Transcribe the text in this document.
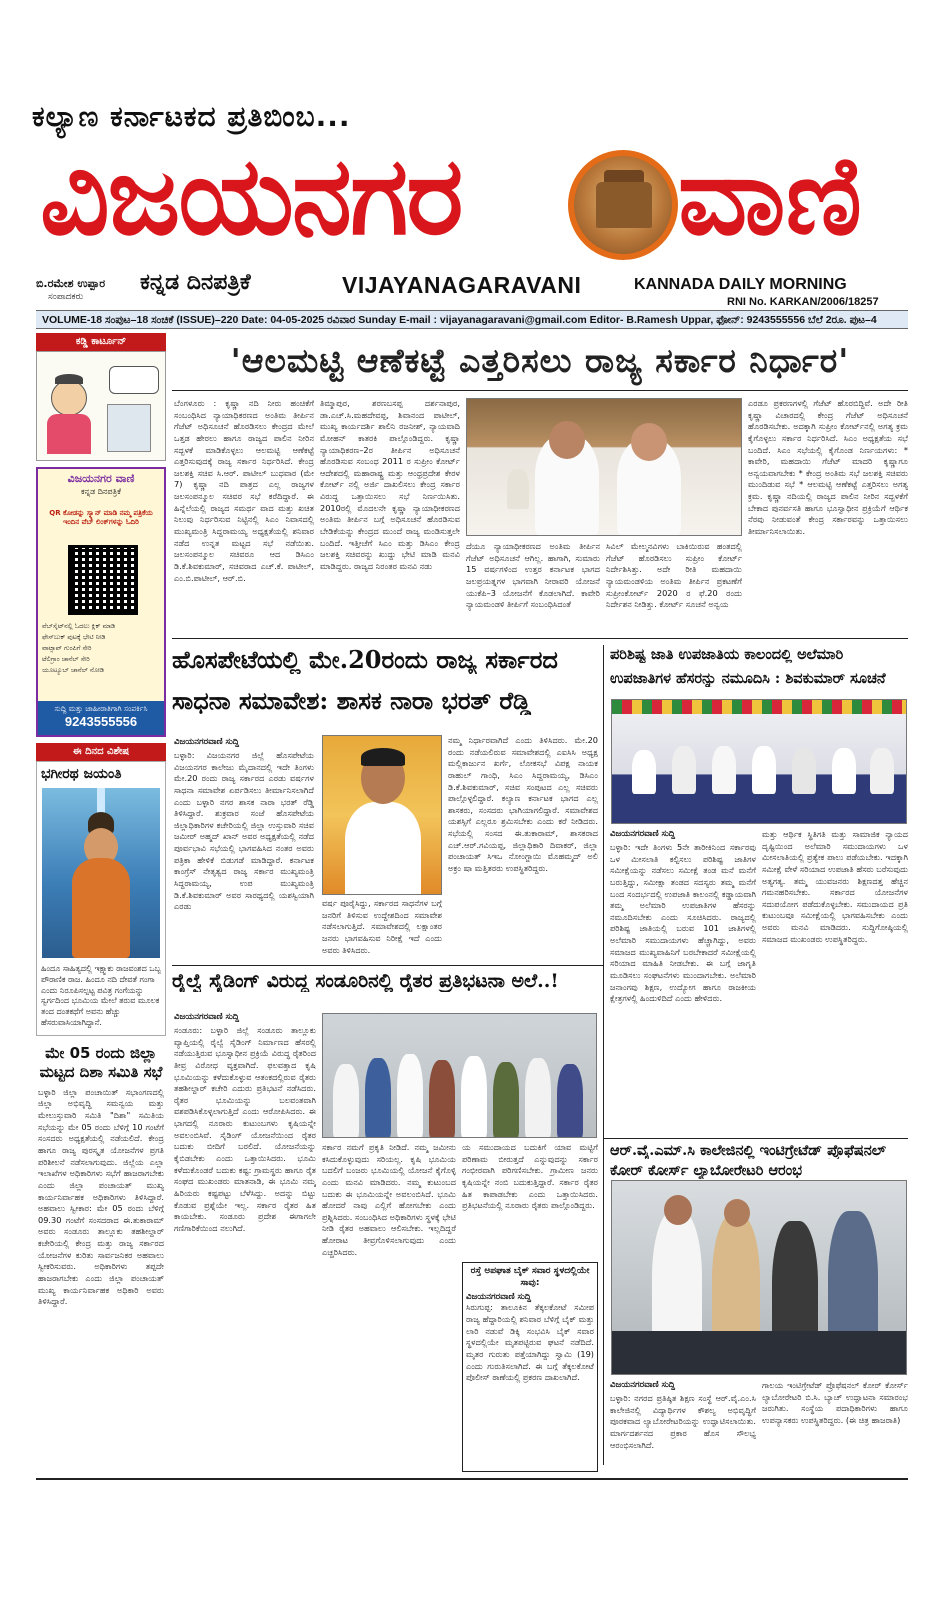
ಕಲ್ಯಾಣ ಕರ್ನಾಟಕದ ಪ್ರತಿಬಿಂಬ...
ವಿಜಯನಗರ ವಾಣಿ
ಬಿ.ರಮೇಶ ಉಪ್ಪಾರ
ಸಂಪಾದಕರು
ಕನ್ನಡ ದಿನಪತ್ರಿಕೆ	VIJAYANAGARAVANI	KANNADA DAILY MORNING
RNI No. KARKAN/2006/18257
VOLUME-18 ಸಂಪುಟ–18 ಸಂಚಿಕೆ (ISSUE)–220 Date: 04-05-2025 ರವಿವಾರ Sunday E-mail : vijayanagaravani@gmail.com Editor- B.Ramesh Uppar, ಫೋನ್: 9243555556 ಬೆಲೆ 2ರೂ. ಪುಟ–4
ಕಡ್ಡಿ ಕಾರ್ಟೂನ್
ವಿಜಯನಗರ ವಾಣಿ
ಕನ್ನಡ ದಿನಪತ್ರಿಕೆ
QR ಕೋಡನ್ನು ಸ್ಕ್ಯಾನ್ ಮಾಡಿ ನಮ್ಮ ಪತ್ರಿಕೆಯ ಇಂದಿನ ವೆಬ್ ಲಿಂಕ್‌ಗಳನ್ನು ಓದಿರಿ
ವೆಬ್‌ಸೈಟ್‌ನಲ್ಲಿ ಓದಲು ಕ್ಲಿಕ್ ಮಾಡಿ
ಫೇಸ್‌ಬುಕ್ ಪುಟಕ್ಕೆ ಭೇಟಿ ನೀಡಿ
ವಾಟ್ಸಾಪ್ ಗುಂಪಿಗೆ ಸೇರಿ
ಟೆಲಿಗ್ರಾಂ ಚಾನೆಲ್ ಸೇರಿ
ಯೂಟ್ಯೂಬ್ ಚಾನೆಲ್ ನೋಡಿ
ಸುದ್ದಿ ಮತ್ತು ಜಾಹೀರಾತಿಗಾಗಿ ಸಂಪರ್ಕಿಸಿ
9243555556
ಈ ದಿನದ ವಿಶೇಷ
ಭಗೀರಥ ಜಯಂತಿ
ಹಿಂದೂ ಸಾಹಿತ್ಯದಲ್ಲಿ ಇಕ್ಷ್ವಾಕು ರಾಜವಂಶದ ಒಬ್ಬ ಪೌರಾಣಿಕ ರಾಜ. ಹಿಂದೂ ನದಿ ದೇವತೆ ಗಂಗಾ ಎಂದು ನಿರೂಪಿಸಲ್ಪಟ್ಟ ಪವಿತ್ರ ಗಂಗೆಯನ್ನು ಸ್ವರ್ಗದಿಂದ ಭೂಮಿಯ ಮೇಲೆ ತರುವ ಮೂಲಕ ತಂದ ದಂತಕಥೆಗೆ ಅವನು ಹೆಚ್ಚು ಹೆಸರುವಾಸಿಯಾಗಿದ್ದಾನೆ.
ಮೇ 05 ರಂದು ಜಿಲ್ಲಾ ಮಟ್ಟದ ದಿಶಾ ಸಮಿತಿ ಸಭೆ
ಬಳ್ಳಾರಿ ಜಿಲ್ಲಾ ಪಂಚಾಯಿತ್ ಸಭಾಂಗಣದಲ್ಲಿ ಜಿಲ್ಲಾ ಅಭಿವೃದ್ಧಿ ಸಮನ್ವಯ ಮತ್ತು ಮೇಲುಸ್ತುವಾರಿ ಸಮಿತಿ "ದಿಶಾ" ಸಮಿತಿಯ ಸಭೆಯನ್ನು ಮೇ 05 ರಂದು ಬೆಳಿಗ್ಗೆ 10 ಗಂಟೆಗೆ ಸಂಸದರು ಅಧ್ಯಕ್ಷತೆಯಲ್ಲಿ ನಡೆಯಲಿದೆ. ಕೇಂದ್ರ ಹಾಗೂ ರಾಜ್ಯ ಪುರಸ್ಕೃತ ಯೋಜನೆಗಳ ಪ್ರಗತಿ ಪರಿಶೀಲನೆ ನಡೆಸಲಾಗುವುದು. ಜಿಲ್ಲೆಯ ಎಲ್ಲಾ ಇಲಾಖೆಗಳ ಅಧಿಕಾರಿಗಳು ಸಭೆಗೆ ಹಾಜರಾಗಬೇಕು ಎಂದು ಜಿಲ್ಲಾ ಪಂಚಾಯತ್ ಮುಖ್ಯ ಕಾರ್ಯನಿರ್ವಾಹಕ ಅಧಿಕಾರಿಗಳು ತಿಳಿಸಿದ್ದಾರೆ. ಅಹವಾಲು ಸ್ವೀಕಾರ: ಮೇ 05 ರಂದು ಬೆಳಿಗ್ಗೆ 09.30 ಗಂಟೆಗೆ ಸಂಸದರಾದ ಈ.ತುಕಾರಾಮ್ ಅವರು ಸಂಡೂರು ತಾಲ್ಲೂಕು ತಹಶೀಲ್ದಾರ್ ಕಚೇರಿಯಲ್ಲಿ ಕೇಂದ್ರ ಮತ್ತು ರಾಜ್ಯ ಸರ್ಕಾರದ ಯೋಜನೆಗಳ ಕುರಿತು ಸಾರ್ವಜನಿಕರ ಅಹವಾಲು ಸ್ವೀಕರಿಸುವರು. ಅಧಿಕಾರಿಗಳು ತಪ್ಪದೇ ಹಾಜರಾಗಬೇಕು ಎಂದು ಜಿಲ್ಲಾ ಪಂಚಾಯತ್ ಮುಖ್ಯ ಕಾರ್ಯನಿರ್ವಾಹಕ ಅಧಿಕಾರಿ ಅವರು ತಿಳಿಸಿದ್ದಾರೆ.
'ಆಲಮಟ್ಟಿ ಆಣೆಕಟ್ಟೆ ಎತ್ತರಿಸಲು ರಾಜ್ಯ ಸರ್ಕಾರ ನಿರ್ಧಾರ'
ಬೆಂಗಳೂರು : ಕೃಷ್ಣಾ ನದಿ ನೀರು ಹಂಚಿಕೆಗೆ ಸಂಬಂಧಿಸಿದ ನ್ಯಾಯಾಧಿಕರಣದ ಅಂತಿಮ ತೀರ್ಪಿನ ಗೆಜೆಟ್ ಅಧಿಸೂಚನೆ ಹೊರಡಿಸಲು ಕೇಂದ್ರದ ಮೇಲೆ ಒತ್ತಡ ಹೇರಲು ಹಾಗೂ ರಾಜ್ಯದ ಪಾಲಿನ ನೀರಿನ ಸದ್ಬಳಕೆ ಮಾಡಿಕೊಳ್ಳಲು ಆಲಮಟ್ಟಿ ಆಣೆಕಟ್ಟೆ ಎತ್ತರಿಸುವುದಕ್ಕೆ ರಾಜ್ಯ ಸರ್ಕಾರ ನಿರ್ಧರಿಸಿದೆ. ಕೇಂದ್ರ ಜಲಶಕ್ತಿ ಸಚಿವ ಸಿ.ಆರ್. ಪಾಟೀಲ್ ಬುಧವಾರ (ಮೇ 7) ಕೃಷ್ಣಾ ನದಿ ಪಾತ್ರದ ಎಲ್ಲ ರಾಜ್ಯಗಳ ಜಲಸಂಪನ್ಮೂಲ ಸಚಿವರ ಸಭೆ ಕರೆದಿದ್ದಾರೆ. ಈ ಹಿನ್ನೆಲೆಯಲ್ಲಿ ರಾಜ್ಯದ ಸಮರ್ಥ ವಾದ ಮತ್ತು ಖಚಿತ ನಿಲುವು ನಿರ್ಧರಿಸುವ ನಿಟ್ಟಿನಲ್ಲಿ ಸಿಎಂ ನಿವಾಸದಲ್ಲಿ ಮುಖ್ಯಮಂತ್ರಿ ಸಿದ್ದರಾಮಯ್ಯ ಅಧ್ಯಕ್ಷತೆಯಲ್ಲಿ ಶನಿವಾರ ನಡೆದ ಉನ್ನತ ಮಟ್ಟದ ಸಭೆ ನಡೆಯಿತು. ಜಲಸಂಪನ್ಮೂಲ ಸಚಿವರೂ ಆದ ಡಿಸಿಎಂ ಡಿ.ಕೆ.ಶಿವಕುಮಾರ್, ಸಚಿವರಾದ ಎಚ್.ಕೆ. ಪಾಟೀಲ್, ಎಂ.ಬಿ.ಪಾಟೀಲ್, ಆರ್.ಬಿ.
ತಿಮ್ಮಾಪುರ, ಶರಣಬಸಪ್ಪ ದರ್ಶನಾಪುರ, ಡಾ.ಎಚ್.ಸಿ.ಮಹದೇವಪ್ಪ, ಶಿವಾನಂದ ಪಾಟೀಲ್, ಮುಖ್ಯ ಕಾರ್ಯದರ್ಶಿ ಶಾಲಿನಿ ರಜನೀಶ್, ನ್ಯಾಯವಾದಿ ಮೋಹನ್ ಕಾತರಕಿ ಪಾಲ್ಗೊಂಡಿದ್ದರು. ಕೃಷ್ಣಾ ನ್ಯಾಯಾಧಿಕರಣ–2ರ ತೀರ್ಪಿನ ಅಧಿಸೂಚನೆ ಹೊರಡಿಸುವ ಸಂಬಂಧ 2011 ರ ಸುಪ್ರೀಂ ಕೋರ್ಟ್ ಆದೇಶದಲ್ಲಿ ಮಹಾರಾಷ್ಟ್ರ ಮತ್ತು ಆಂಧ್ರಪ್ರದೇಶ ಕೇರಳ ಕೋರ್ಟ್ ನಲ್ಲಿ ಅರ್ಜಿ ದಾಖಲಿಸಲು ಕೇಂದ್ರ ಸರ್ಕಾರ ವಿರುದ್ಧ ಒತ್ತಾಯಿಸಲು ಸಭೆ ನಿರ್ಣಯಿಸಿತು. 2010ರಲ್ಲಿ ಮೊದಲನೇ ಕೃಷ್ಣಾ ನ್ಯಾಯಾಧೀಕರಣದ ಅಂತಿಮ ತೀರ್ಪಿನ ಬಗ್ಗೆ ಅಧಿಸೂಚನೆ ಹೊರಡಿಸುವ ಬೇಡಿಕೆಯನ್ನು ಕೇಂದ್ರದ ಮುಂದೆ ರಾಜ್ಯ ಮಂಡಿಸುತ್ತಲೇ ಬಂದಿದೆ. ಇತ್ತೀಚೆಗೆ ಸಿಎಂ ಮತ್ತು ಡಿಸಿಎಂ ಕೇಂದ್ರ ಜಲಶಕ್ತಿ ಸಚಿವರನ್ನು ಖುದ್ದು ಭೇಟಿ ಮಾಡಿ ಮನವಿ ಮಾಡಿದ್ದರು. ರಾಜ್ಯದ ನಿರಂತರ ಮನವಿ ನಡು
ದೆಯೂ ನ್ಯಾಯಾಧೀಕರಣದ ಅಂತಿಮ ತೀರ್ಪಿನ ಗೆಜೆಟ್ ಅಧಿಸೂಚನೆ ಆಗಿಲ್ಲ. ಹಾಗಾಗಿ, ಸುಮಾರು 15 ವರ್ಷಗಳಿಂದ ಉತ್ತರ ಕರ್ನಾಟಕ ಭಾಗದ ಜಲಪ್ರಯತ್ನಗಳ ಭಾಗವಾಗಿ ನೀರಾವರಿ ಯೋಜನೆ ಯುಕೆಪಿ–3 ಯೋಜನೆಗೆ ಕೊಡಲಾಗಿದೆ. ಕಾವೇರಿ ನ್ಯಾಯಮಂಡಳಿ ತೀರ್ಪಿಗೆ ಸಂಬಂಧಿಸಿದಂತೆ
ಸಿವಿಲ್ ಮೇಲ್ಮನವಿಗಳು ಬಾಕಿಯಿರುವ ಹಂತದಲ್ಲಿ ಗೆಜೆಟ್ ಹೊರಡಿಸಲು ಸುಪ್ರೀಂ ಕೋರ್ಟ್ ನಿರ್ದೇಶಿಸಿತ್ತು. ಅದೇ ರೀತಿ ಮಹದಾಯಿ ನ್ಯಾಯಮಂಡಳಿಯ ಅಂತಿಮ ತೀರ್ಪಿನ ಪ್ರಕಟಣೆಗೆ ಸುಪ್ರೀಂಕೋರ್ಟ್ 2020 ರ ಫೆ.20 ರಂದು ನಿರ್ದೇಶನ ನೀಡಿತ್ತು. ಕೋರ್ಟ್ ಸೂಚನೆ ಅನ್ವಯ
ಎರಡೂ ಪ್ರಕರಣಗಳಲ್ಲಿ ಗೆಜೆಟ್ ಹೊರಬಿದ್ದಿವೆ. ಅದೇ ರೀತಿ ಕೃಷ್ಣಾ ವಿಚಾರದಲ್ಲಿ ಕೇಂದ್ರ ಗೆಜೆಟ್ ಅಧಿಸೂಚನೆ ಹೊರಡಿಸಬೇಕು. ಅದಕ್ಕಾಗಿ ಸುಪ್ರೀಂ ಕೋರ್ಟ್‌ನಲ್ಲಿ ಅಗತ್ಯ ಕ್ರಮ ಕೈಗೊಳ್ಳಲು ಸರ್ಕಾರ ನಿರ್ಧರಿಸಿದೆ. ಸಿಎಂ ಅಧ್ಯಕ್ಷತೆಯ ಸಭೆ ಬಂದಿದೆ. ಸಿಎಂ ಸಭೆಯಲ್ಲಿ ಕೈಗೊಂಡ ನಿರ್ಣಯಗಳು: * ಕಾವೇರಿ, ಮಹದಾಯಿ ಗೆಜೆಟ್ ಮಾದರಿ ಕೃಷ್ಣಾಗೂ ಅನ್ವಯವಾಗಬೇಕು * ಕೇಂದ್ರ ಅಂತಿಮ ಸಭೆ ಜಲಶಕ್ತಿ ಸಚಿವರು ಮುಂದಿಡುವ ಸಭೆ * ಆಲಮಟ್ಟಿ ಆಣೆಕಟ್ಟೆ ಎತ್ತರಿಸಲು ಅಗತ್ಯ ಕ್ರಮ. ಕೃಷ್ಣಾ ನದಿಯಲ್ಲಿ ರಾಜ್ಯದ ಪಾಲಿನ ನೀರಿನ ಸದ್ಬಳಕೆಗೆ ಬೇಕಾದ ಪುನರ್ವಸತಿ ಹಾಗೂ ಭೂಸ್ವಾಧೀನ ಪ್ರಕ್ರಿಯೆಗೆ ಆರ್ಥಿಕ ನೆರವು ನೀಡುವಂತೆ ಕೇಂದ್ರ ಸರ್ಕಾರವನ್ನು ಒತ್ತಾಯಿಸಲು ತೀರ್ಮಾನಿಸಲಾಯಿತು.
ಹೊಸಪೇಟೆಯಲ್ಲಿ ಮೇ.20ರಂದು ರಾಜ್ಯ ಸರ್ಕಾರದ
ಸಾಧನಾ ಸಮಾವೇಶ: ಶಾಸಕ ನಾರಾ ಭರತ್ ರೆಡ್ಡಿ
ವಿಜಯನಗರವಾಣಿ ಸುದ್ದಿ
ಬಳ್ಳಾರಿ: ವಿಜಯನಗರ ಜಿಲ್ಲೆ ಹೊಸಪೇಟೆಯ ವಿಜಯನಗರ ಕಾಲೇಜು ಮೈದಾನದಲ್ಲಿ ಇದೇ ತಿಂಗಳು ಮೇ.20 ರಂದು ರಾಜ್ಯ ಸರ್ಕಾರದ ಎರಡು ವರ್ಷಗಳ ಸಾಧನಾ ಸಮಾವೇಶ ಏರ್ಪಡಿಸಲು ತೀರ್ಮಾನಿಸಲಾಗಿದೆ ಎಂದು ಬಳ್ಳಾರಿ ನಗರ ಶಾಸಕ ನಾರಾ ಭರತ್ ರೆಡ್ಡಿ ತಿಳಿಸಿದ್ದಾರೆ. ಶುಕ್ರವಾರ ಸಂಜೆ ಹೊಸಪೇಟೆಯ ಜಿಲ್ಲಾಧಿಕಾರಿಗಳ ಕಚೇರಿಯಲ್ಲಿ ಜಿಲ್ಲಾ ಉಸ್ತುವಾರಿ ಸಚಿವ ಜಮೀರ್ ಅಹ್ಮದ್ ಖಾನ್ ಅವರ ಅಧ್ಯಕ್ಷತೆಯಲ್ಲಿ ನಡೆದ ಪೂರ್ವಭಾವಿ ಸಭೆಯಲ್ಲಿ ಭಾಗವಹಿಸಿದ ನಂತರ ಅವರು ಪತ್ರಿಕಾ ಹೇಳಿಕೆ ಬಿಡುಗಡೆ ಮಾಡಿದ್ದಾರೆ. ಕರ್ನಾಟಕ ಕಾಂಗ್ರೆಸ್ ನೇತೃತ್ವದ ರಾಜ್ಯ ಸರ್ಕಾರ ಮುಖ್ಯಮಂತ್ರಿ ಸಿದ್ದರಾಮಯ್ಯ, ಉಪ ಮುಖ್ಯಮಂತ್ರಿ ಡಿ.ಕೆ.ಶಿವಕುಮಾರ್ ಅವರ ಸಾರಥ್ಯದಲ್ಲಿ ಯಶಸ್ವಿಯಾಗಿ ಎರಡು	ವರ್ಷ ಪೂರೈಸಿದ್ದು, ಸರ್ಕಾರದ ಸಾಧನೆಗಳ ಬಗ್ಗೆ ಜನರಿಗೆ ತಿಳಿಸುವ ಉದ್ದೇಶದಿಂದ ಸಮಾವೇಶ ನಡೆಸಲಾಗುತ್ತಿದೆ. ಸಮಾವೇಶದಲ್ಲಿ ಲಕ್ಷಾಂತರ ಜನರು ಭಾಗವಹಿಸುವ ನಿರೀಕ್ಷೆ ಇದೆ ಎಂದು ಅವರು ತಿಳಿಸಿದರು.
ನಮ್ಮ ನಿರ್ಧಾರವಾಗಿದೆ ಎಂದು ತಿಳಿಸಿದರು. ಮೇ.20 ರಂದು ನಡೆಯಲಿರುವ ಸಮಾವೇಶದಲ್ಲಿ ಎಐಸಿಸಿ ಅಧ್ಯಕ್ಷ ಮಲ್ಲಿಕಾರ್ಜುನ ಖರ್ಗೆ, ಲೋಕಸಭೆ ವಿಪಕ್ಷ ನಾಯಕ ರಾಹುಲ್ ಗಾಂಧಿ, ಸಿಎಂ ಸಿದ್ದರಾಮಯ್ಯ, ಡಿಸಿಎಂ ಡಿ.ಕೆ.ಶಿವಕುಮಾರ್, ಸಚಿವ ಸಂಪುಟದ ಎಲ್ಲ ಸಚಿವರು ಪಾಲ್ಗೊಳ್ಳಲಿದ್ದಾರೆ. ಕಲ್ಯಾಣ ಕರ್ನಾಟಕ ಭಾಗದ ಎಲ್ಲ ಶಾಸಕರು, ಸಂಸದರು ಭಾಗಿಯಾಗಲಿದ್ದಾರೆ. ಸಮಾವೇಶದ ಯಶಸ್ಸಿಗೆ ಎಲ್ಲರೂ ಶ್ರಮಿಸಬೇಕು ಎಂದು ಕರೆ ನೀಡಿದರು. ಸಭೆಯಲ್ಲಿ ಸಂಸದ ಈ.ತುಕಾರಾಮ್, ಶಾಸಕರಾದ ಎಚ್.ಆರ್.ಗವಿಯಪ್ಪ, ಜಿಲ್ಲಾಧಿಕಾರಿ ದಿವಾಕರ್, ಜಿಲ್ಲಾ ಪಂಚಾಯತ್ ಸಿಇಒ ನೋಂಗ್ಜಾಯಿ ಮೊಹಮ್ಮದ್ ಅಲಿ ಅಕ್ರಂ ಷಾ ಮತ್ತಿತರರು ಉಪಸ್ಥಿತರಿದ್ದರು.
ಪರಿಶಿಷ್ಟ ಜಾತಿ ಉಪಜಾತಿಯ ಕಾಲಂದಲ್ಲಿ ಅಲೆಮಾರಿ
ಉಪಜಾತಿಗಳ ಹೆಸರನ್ನು ನಮೂದಿಸಿ : ಶಿವಕುಮಾರ್ ಸೂಚನೆ
ವಿಜಯನಗರವಾಣಿ ಸುದ್ದಿ
ಬಳ್ಳಾರಿ: ಇದೇ ತಿಂಗಳು 5ನೇ ತಾರೀಕಿನಿಂದ ಸರ್ಕಾರವು ಒಳ ಮೀಸಲಾತಿ ಕಲ್ಪಿಸಲು ಪರಿಶಿಷ್ಟ ಜಾತಿಗಳ ಸಮೀಕ್ಷೆಯನ್ನು ನಡೆಸಲು ಸಮೀಕ್ಷೆ ತಂಡ ಮನೆ ಮನೆಗೆ ಬರುತ್ತಿದ್ದು, ಸಮೀಕ್ಷಾ ತಂಡದ ಸದಸ್ಯರು ತಮ್ಮ ಮನೆಗೆ ಬಂದ ಸಂದರ್ಭದಲ್ಲಿ ಉಪಜಾತಿ ಕಾಲಂನಲ್ಲಿ ಕಡ್ಡಾಯವಾಗಿ ತಮ್ಮ ಅಲೆಮಾರಿ ಉಪಜಾತಿಗಳ ಹೆಸರನ್ನು ನಮೂದಿಸಬೇಕು ಎಂದು ಸೂಚಿಸಿದರು. ರಾಜ್ಯದಲ್ಲಿ ಪರಿಶಿಷ್ಟ ಜಾತಿಯಲ್ಲಿ ಬರುವ 101 ಜಾತಿಗಳಲ್ಲಿ ಅಲೆಮಾರಿ ಸಮುದಾಯಗಳು ಹೆಚ್ಚಾಗಿದ್ದು, ಅವರು ಸಮಾಜದ ಮುಖ್ಯವಾಹಿನಿಗೆ ಬರಬೇಕಾದರೆ ಸಮೀಕ್ಷೆಯಲ್ಲಿ ಸರಿಯಾದ ಮಾಹಿತಿ ನೀಡಬೇಕು. ಈ ಬಗ್ಗೆ ಜಾಗೃತಿ ಮೂಡಿಸಲು ಸಂಘಟನೆಗಳು ಮುಂದಾಗಬೇಕು. ಅಲೆಮಾರಿ ಜನಾಂಗವು ಶಿಕ್ಷಣ, ಉದ್ಯೋಗ ಹಾಗೂ ರಾಜಕೀಯ ಕ್ಷೇತ್ರಗಳಲ್ಲಿ ಹಿಂದುಳಿದಿದೆ ಎಂದು ಹೇಳಿದರು.
ಮತ್ತು ಆರ್ಥಿಕ ಸ್ಥಿತಿಗತಿ ಮತ್ತು ಸಾಮಾಜಿಕ ನ್ಯಾಯದ ದೃಷ್ಟಿಯಿಂದ ಅಲೆಮಾರಿ ಸಮುದಾಯಗಳು ಒಳ ಮೀಸಲಾತಿಯಲ್ಲಿ ಪ್ರತ್ಯೇಕ ಪಾಲು ಪಡೆಯಬೇಕು. ಇದಕ್ಕಾಗಿ ಸಮೀಕ್ಷೆ ವೇಳೆ ಸರಿಯಾದ ಉಪಜಾತಿ ಹೆಸರು ಬರೆಸುವುದು ಅತ್ಯಗತ್ಯ. ತಮ್ಮ ಯುವಜನರು ಶಿಕ್ಷಣದತ್ತ ಹೆಚ್ಚಿನ ಗಮನಹರಿಸಬೇಕು. ಸರ್ಕಾರದ ಯೋಜನೆಗಳ ಸದುಪಯೋಗ ಪಡೆದುಕೊಳ್ಳಬೇಕು. ಸಮುದಾಯದ ಪ್ರತಿ ಕುಟುಂಬವೂ ಸಮೀಕ್ಷೆಯಲ್ಲಿ ಭಾಗವಹಿಸಬೇಕು ಎಂದು ಅವರು ಮನವಿ ಮಾಡಿದರು. ಸುದ್ದಿಗೋಷ್ಠಿಯಲ್ಲಿ ಸಮಾಜದ ಮುಖಂಡರು ಉಪಸ್ಥಿತರಿದ್ದರು.
ರೈಲ್ವೆ ಸೈಡಿಂಗ್ ವಿರುದ್ಧ ಸಂಡೂರಿನಲ್ಲಿ ರೈತರ ಪ್ರತಿಭಟನಾ ಅಲೆ..!
ವಿಜಯನಗರವಾಣಿ ಸುದ್ದಿ
ಸಂಡೂರು: ಬಳ್ಳಾರಿ ಜಿಲ್ಲೆ ಸಂಡೂರು ತಾಲ್ಲೂಕು ವ್ಯಾಪ್ತಿಯಲ್ಲಿ ರೈಲ್ವೆ ಸೈಡಿಂಗ್ ನಿರ್ಮಾಣದ ಹೆಸರಲ್ಲಿ ನಡೆಯುತ್ತಿರುವ ಭೂಸ್ವಾಧೀನ ಪ್ರಕ್ರಿಯೆ ವಿರುದ್ಧ ರೈತರಿಂದ ತೀವ್ರ ವಿರೋಧ ವ್ಯಕ್ತವಾಗಿದೆ. ಫಲವತ್ತಾದ ಕೃಷಿ ಭೂಮಿಯನ್ನು ಕಳೆದುಕೊಳ್ಳುವ ಆತಂಕದಲ್ಲಿರುವ ರೈತರು ತಹಶೀಲ್ದಾರ್ ಕಚೇರಿ ಎದುರು ಪ್ರತಿಭಟನೆ ನಡೆಸಿದರು. ರೈತರ ಭೂಮಿಯನ್ನು ಬಲವಂತವಾಗಿ ವಶಪಡಿಸಿಕೊಳ್ಳಲಾಗುತ್ತಿದೆ ಎಂದು ಆರೋಪಿಸಿದರು. ಈ ಭಾಗದಲ್ಲಿ ನೂರಾರು ಕುಟುಂಬಗಳು ಕೃಷಿಯನ್ನೇ ಅವಲಂಬಿಸಿವೆ. ಸೈಡಿಂಗ್ ಯೋಜನೆಯಿಂದ ರೈತರ ಬದುಕು ಬೀದಿಗೆ ಬರಲಿದೆ. ಯೋಜನೆಯನ್ನು ಕೈಬಿಡಬೇಕು ಎಂದು ಒತ್ತಾಯಿಸಿದರು. ಭೂಮಿ ಕಳೆದುಕೊಂಡರೆ ಬದುಕು ಕಷ್ಟ: ಗ್ರಾಮಸ್ಥರು ಹಾಗೂ ರೈತ ಸಂಘದ ಮುಖಂಡರು ಮಾತನಾಡಿ, ಈ ಭೂಮಿ ನಮ್ಮ ಹಿರಿಯರು ಕಷ್ಟಪಟ್ಟು ಬೆಳೆಸಿದ್ದು. ಅದನ್ನು ಬಿಟ್ಟು ಕೊಡುವ ಪ್ರಶ್ನೆಯೇ ಇಲ್ಲ. ಸರ್ಕಾರ ರೈತರ ಹಿತ ಕಾಯಬೇಕು. ಸಂಡೂರು ಪ್ರದೇಶ ಈಗಾಗಲೇ ಗಣಿಗಾರಿಕೆಯಿಂದ ನಲುಗಿದೆ.
ಸರ್ಕಾರ ನಮಗೆ ಪ್ರಕೃತಿ ನೀಡಿದೆ. ನಮ್ಮ ಜಮೀನು ಕಸಿದುಕೊಳ್ಳುವುದು ಸರಿಯಲ್ಲ. ಕೃಷಿ ಭೂಮಿಯ ಬದಲಿಗೆ ಬಂಜರು ಭೂಮಿಯಲ್ಲಿ ಯೋಜನೆ ಕೈಗೊಳ್ಳಿ ಎಂದು ಮನವಿ ಮಾಡಿದರು. ನಮ್ಮ ಕುಟುಂಬದ ಬದುಕು ಈ ಭೂಮಿಯನ್ನೇ ಅವಲಂಬಿಸಿದೆ. ಭೂಮಿ ಹೋದರೆ ನಾವು ಎಲ್ಲಿಗೆ ಹೋಗಬೇಕು ಎಂದು ಪ್ರಶ್ನಿಸಿದರು. ಸಂಬಂಧಿಸಿದ ಅಧಿಕಾರಿಗಳು ಸ್ಥಳಕ್ಕೆ ಭೇಟಿ ನೀಡಿ ರೈತರ ಅಹವಾಲು ಆಲಿಸಬೇಕು. ಇಲ್ಲದಿದ್ದರೆ ಹೋರಾಟ ತೀವ್ರಗೊಳಿಸಲಾಗುವುದು ಎಂದು ಎಚ್ಚರಿಸಿದರು.
ಯ ಸಮುದಾಯದ ಬದುಕಿಗೆ ಯಾವ ಮಟ್ಟಿಗೆ ಪರಿಣಾಮ ಬೀರುತ್ತದೆ ಎನ್ನುವುದನ್ನು ಸರ್ಕಾರ ಗಂಭೀರವಾಗಿ ಪರಿಗಣಿಸಬೇಕು. ಗ್ರಾಮೀಣ ಜನರು ಕೃಷಿಯನ್ನೇ ನಂಬಿ ಬದುಕುತ್ತಿದ್ದಾರೆ. ಸರ್ಕಾರ ರೈತರ ಹಿತ ಕಾಪಾಡಬೇಕು ಎಂದು ಒತ್ತಾಯಿಸಿದರು. ಪ್ರತಿಭಟನೆಯಲ್ಲಿ ನೂರಾರು ರೈತರು ಪಾಲ್ಗೊಂಡಿದ್ದರು.
ರಸ್ತೆ ಅಪಘಾತ ಬೈಕ್ ಸವಾರ ಸ್ಥಳದಲ್ಲಿಯೇ ಸಾವು:
ವಿಜಯನಗರವಾಣಿ ಸುದ್ದಿ
ಸಿರುಗುಪ್ಪ: ತಾಲೂಕಿನ ತೆಕ್ಕಲಕೋಟೆ ಸಮೀಪ ರಾಜ್ಯ ಹೆದ್ದಾರಿಯಲ್ಲಿ ಶನಿವಾರ ಬೆಳಿಗ್ಗೆ ಬೈಕ್ ಮತ್ತು ಲಾರಿ ನಡುವೆ ಡಿಕ್ಕಿ ಸಂಭವಿಸಿ ಬೈಕ್ ಸವಾರ ಸ್ಥಳದಲ್ಲಿಯೇ ಮೃತಪಟ್ಟಿರುವ ಘಟನೆ ನಡೆದಿದೆ. ಮೃತರ ಗುರುತು ಪತ್ತೆಯಾಗಿದ್ದು ಸ್ವಾಮಿ (19) ಎಂದು ಗುರುತಿಸಲಾಗಿದೆ. ಈ ಬಗ್ಗೆ ತೆಕ್ಕಲಕೋಟೆ ಪೊಲೀಸ್ ಠಾಣೆಯಲ್ಲಿ ಪ್ರಕರಣ ದಾಖಲಾಗಿದೆ.
ಆರ್.ವೈ.ಎಮ್.ಸಿ ಕಾಲೇಜಿನಲ್ಲಿ ಇಂಟಿಗ್ರೇಟೆಡ್ ಪ್ರೊಫೆಷನಲ್
ಕೋರ್ ಕೋರ್ಸ್ ಲ್ಯಾಬೋರೇಟರಿ ಆರಂಭ
ವಿಜಯನಗರವಾಣಿ ಸುದ್ದಿ
ಬಳ್ಳಾರಿ: ನಗರದ ಪ್ರತಿಷ್ಠಿತ ಶಿಕ್ಷಣ ಸಂಸ್ಥೆ ಆರ್.ವೈ.ಎಂ.ಸಿ ಕಾಲೇಜಿನಲ್ಲಿ ವಿದ್ಯಾರ್ಥಿಗಳ ಕೌಶಲ್ಯ ಅಭಿವೃದ್ಧಿಗೆ ಪೂರಕವಾದ ಲ್ಯಾಬೋರೇಟರಿಯನ್ನು ಉದ್ಘಾಟಿಸಲಾಯಿತು. ಮಾರ್ಗದರ್ಶನದ ಪ್ರಕಾರ ಹೊಸ ಸೌಲಭ್ಯ ಆರಂಭಿಸಲಾಗಿದೆ.
ಗಾಲಯ ಇಂಟಿಗ್ರೇಟೆಡ್ ಪ್ರೊಫೆಷನಲ್ ಕೋರ್ ಕೋರ್ಸ್ ಲ್ಯಾಬೋರೇಟರಿ ಬಿ.ಸಿ. ಬ್ಯಾಚ್ ಉದ್ಘಾಟನಾ ಸಮಾರಂಭ ಜರುಗಿತು. ಸಂಸ್ಥೆಯ ಪದಾಧಿಕಾರಿಗಳು ಹಾಗೂ ಉಪನ್ಯಾಸಕರು ಉಪಸ್ಥಿತರಿದ್ದರು. (ಈ ಚಿತ್ರ ಹಾಜರಾತಿ)
